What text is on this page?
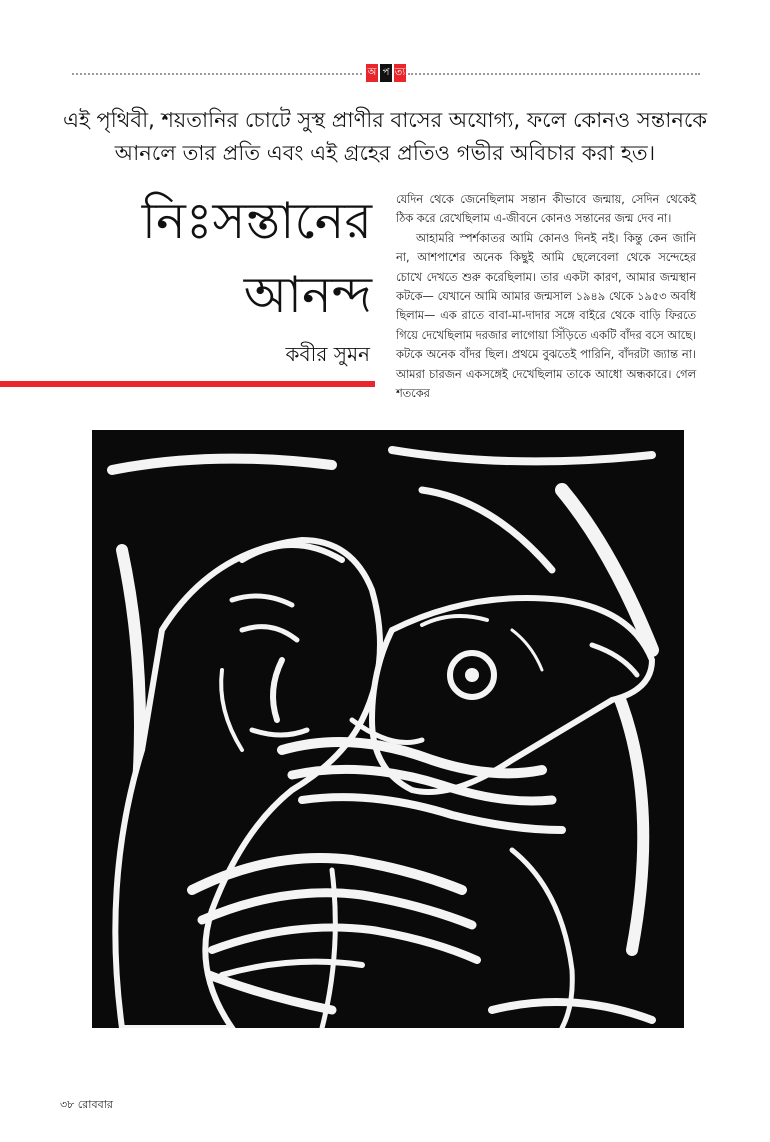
অ প ত্য
এই পৃথিবী, শয়তানির চোটে সুস্থ প্রাণীর বাসের অযোগ্য, ফলে কোনও সন্তানকে
আনলে তার প্রতি এবং এই গ্রহের প্রতিও গভীর অবিচার করা হত।
নিঃসন্তানের
আনন্দ
কবীর সুমন

যেদিন থেকে জেনেছিলাম সন্তান কীভাবে জন্মায়, সেদিন থেকেই ঠিক করে রেখেছিলাম এ-জীবনে কোনও সন্তানের জন্ম দেব না।

আহামরি স্পর্শকাতর আমি কোনও দিনই নই। কিন্তু কেন জানি না, আশপাশের অনেক কিছুই আমি ছেলেবেলা থেকে সন্দেহের চোখে দেখতে শুরু করেছিলাম। তার একটা কারণ, আমার জন্মস্থান কটকে— যেখানে আমি আমার জন্মসাল ১৯৪৯ থেকে ১৯৫৩ অবধি ছিলাম— এক রাতে বাবা-মা-দাদার সঙ্গে বাইরে থেকে বাড়ি ফিরতে গিয়ে দেখেছিলাম দরজার লাগোয়া সিঁড়িতে একটি বাঁদর বসে আছে। কটকে অনেক বাঁদর ছিল। প্রথমে বুঝতেই পারিনি, বাঁদরটা জ্যান্ত না। আমরা চারজন একসঙ্গেই দেখেছিলাম তাকে আধো অন্ধকারে। গেল শতকের

৩৮ রোববার
